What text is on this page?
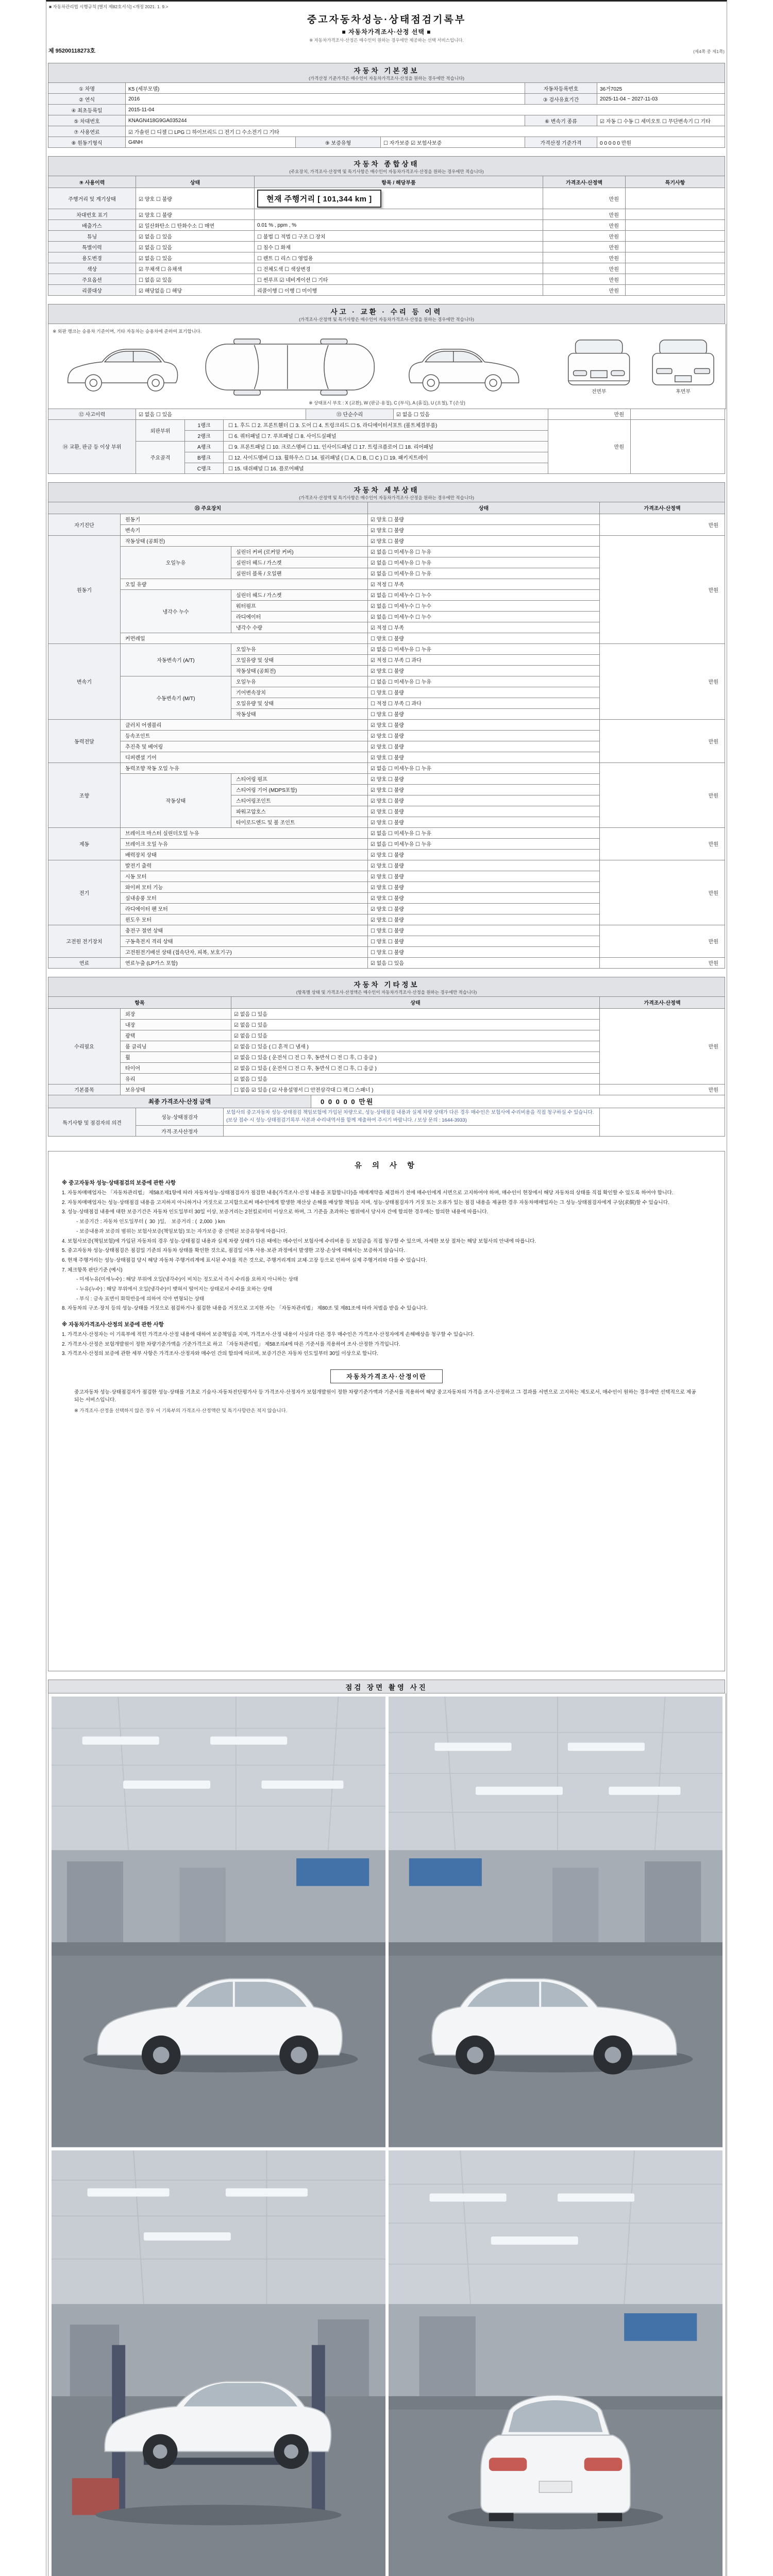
■ 자동차관리법 시행규칙 [별지 제82호서식] <개정 2021. 1. 9.>
중고자동차성능·상태점검기록부
■ 자동차가격조사·산정 선택 ■
※ 자동차가격조사·산정은 매수인이 원하는 경우에만 제공하는 선택 서비스입니다.
제 95200118273호	(제4쪽 중 제1쪽)
자동차 기본정보
(가격산정 기준가격은 매수인이 자동차가격조사·산정을 원하는 경우에만 적습니다)
① 차명	K5 (세부모델)			자동차등록번호	36거7025
② 연식	2016			③ 검사유효기간	2025-11-04 ~ 2027-11-03
④ 최초등록일	2015-11-04				
⑤ 차대번호	KNAGN418G9GA035244			⑥ 변속기 종류	☑ 자동 ☐ 수동 ☐ 세미오토 ☐ 무단변속기 ☐ 기타
⑦ 사용연료	☑ 가솔린 ☐ 디젤 ☐ LPG ☐ 하이브리드 ☐ 전기 ☐ 수소전기 ☐ 기타				
⑧ 원동기형식	G4NH	⑨ 보증유형	☐ 자가보증 ☑ 보험사보증	가격산정 기준가격	0 0 0 0 0 만원
자동차 종합상태
(주요장치, 가격조사·산정액 및 특기사항은 매수인이 자동차가격조사·산정을 원하는 경우에만 적습니다)
⑨ 사용이력	상태	항목 / 해당부품	가격조사·산정액	특기사항
주행거리 및 계기상태	☑ 양호 ☐ 불량	현재 주행거리 [ 101,344 km ]	만원	
차대번호 표기	☑ 양호 ☐ 불량		만원	
배출가스	☑ 일산화탄소 ☐ 탄화수소 ☐ 매연	0.01 % , ppm , %	만원	
튜닝	☑ 없음 ☐ 있음	☐ 불법 ☐ 적법 ☐ 구조 ☐ 장치	만원	
특별이력	☑ 없음 ☐ 있음	☐ 침수 ☐ 화재	만원	
용도변경	☑ 없음 ☐ 있음	☐ 렌트 ☐ 리스 ☐ 영업용	만원	
색상	☑ 무채색 ☐ 유채색	☐ 전체도색 ☐ 색상변경	만원	
주요옵션	☐ 없음 ☑ 있음	☐ 썬루프 ☑ 네비게이션 ☐ 기타	만원	
리콜대상	☑ 해당없음 ☐ 해당	리콜이행 ☐ 이행 ☐ 미이행	만원	
사고 · 교환 · 수리 등 이력
(가격조사·산정액 및 특기사항은 매수인이 자동차가격조사·산정을 원하는 경우에만 적습니다)
※ 외판 랭크는 승용차 기준이며, 기타 자동차는 승용차에 준하여 표기합니다.
전면부	후면부
※ 상태표시 부호 : X (교환), W (판금·용접), C (부식), A (흠집), U (요철), T (손상)
⑫ 사고이력	☑ 없음 ☐ 있음	⑬ 단순수리	☑ 없음 ☐ 있음	만원	
⑭ 교환, 판금 등 이상 부위	외판부위	1랭크	☐ 1. 후드 ☐ 2. 프론트휀더 ☐ 3. 도어 ☐ 4. 트렁크리드 ☐ 5. 라디에이터서포트 (볼트체결부품)	만원	
		2랭크	☐ 6. 쿼터패널 ☐ 7. 루프패널 ☐ 8. 사이드실패널		
	주요골격	A랭크	☐ 9. 프론트패널 ☐ 10. 크로스멤버 ☐ 11. 인사이드패널 ☐ 17. 트렁크플로어 ☐ 18. 리어패널		
		B랭크	☐ 12. 사이드멤버 ☐ 13. 휠하우스 ☐ 14. 필러패널 ( ☐ A, ☐ B, ☐ C ) ☐ 19. 패키지트레이		
		C랭크	☐ 15. 대쉬패널 ☐ 16. 플로어패널		
자동차 세부상태
(가격조사·산정액 및 특기사항은 매수인이 자동차가격조사·산정을 원하는 경우에만 적습니다)
⑮ 주요장치			상태	가격조사·산정액
자기진단	원동기		☑ 양호 ☐ 불량	만원
	변속기		☑ 양호 ☐ 불량	
원동기	작동상태 (공회전)		☑ 양호 ☐ 불량	만원
	오일누유	실린더 커버 (로커암 커버)	☑ 없음 ☐ 미세누유 ☐ 누유	
		실린더 헤드 / 가스켓	☑ 없음 ☐ 미세누유 ☐ 누유	
		실린더 블록 / 오일팬	☑ 없음 ☐ 미세누유 ☐ 누유	
	오일 유량		☑ 적정 ☐ 부족	
	냉각수 누수	실린더 헤드 / 가스켓	☑ 없음 ☐ 미세누수 ☐ 누수	
		워터펌프	☑ 없음 ☐ 미세누수 ☐ 누수	
		라디에이터	☑ 없음 ☐ 미세누수 ☐ 누수	
		냉각수 수량	☑ 적정 ☐ 부족	
	커먼레일		☐ 양호 ☐ 불량	
변속기	자동변속기 (A/T)	오일누유	☑ 없음 ☐ 미세누유 ☐ 누유	만원
		오일유량 및 상태	☑ 적정 ☐ 부족 ☐ 과다	
		작동상태 (공회전)	☑ 양호 ☐ 불량	
	수동변속기 (M/T)	오일누유	☐ 없음 ☐ 미세누유 ☐ 누유	
		기어변속장치	☐ 양호 ☐ 불량	
		오일유량 및 상태	☐ 적정 ☐ 부족 ☐ 과다	
		작동상태	☐ 양호 ☐ 불량	
동력전달	클러치 어셈블리		☑ 양호 ☐ 불량	만원
	등속조인트		☑ 양호 ☐ 불량	
	추진축 및 베어링		☑ 양호 ☐ 불량	
	디퍼렌셜 기어		☑ 양호 ☐ 불량	
조향	동력조향 작동 오일 누유		☑ 없음 ☐ 미세누유 ☐ 누유	만원
	작동상태	스티어링 펌프	☑ 양호 ☐ 불량	
		스티어링 기어 (MDPS포함)	☑ 양호 ☐ 불량	
		스티어링조인트	☑ 양호 ☐ 불량	
		파워고압호스	☑ 양호 ☐ 불량	
		타이로드엔드 및 볼 조인트	☑ 양호 ☐ 불량	
제동	브레이크 마스터 실린더오일 누유		☑ 없음 ☐ 미세누유 ☐ 누유	만원
	브레이크 오일 누유		☑ 없음 ☐ 미세누유 ☐ 누유	
	배력장치 상태		☑ 양호 ☐ 불량	
전기	발전기 출력		☑ 양호 ☐ 불량	만원
	시동 모터		☑ 양호 ☐ 불량	
	와이퍼 모터 기능		☑ 양호 ☐ 불량	
	실내송풍 모터		☑ 양호 ☐ 불량	
	라디에이터 팬 모터		☑ 양호 ☐ 불량	
	윈도우 모터		☑ 양호 ☐ 불량	
고전원 전기장치	충전구 절연 상태		☐ 양호 ☐ 불량	만원
	구동축전지 격리 상태		☐ 양호 ☐ 불량	
	고전원전기배선 상태 (접속단자, 피복, 보호기구)		☐ 양호 ☐ 불량	
연료	연료누출 (LP가스 포함)		☑ 없음 ☐ 있음	만원
자동차 기타정보
(항목별 상태 및 가격조사·산정액은 매수인이 자동차가격조사·산정을 원하는 경우에만 적습니다)
항목		상태	가격조사·산정액
수리필요	외장	☑ 없음 ☐ 있음	만원
	내장	☑ 없음 ☐ 있음	
	광택	☑ 없음 ☐ 있음	
	룸 클리닝	☑ 없음 ☐ 있음 ( ☐ 흔적 ☐ 냄새 )	
	휠	☑ 없음 ☐ 있음 ( 운전석 ☐ 전 ☐ 후, 동반석 ☐ 전 ☐ 후, ☐ 응급 )	
	타이어	☑ 없음 ☐ 있음 ( 운전석 ☐ 전 ☐ 후, 동반석 ☐ 전 ☐ 후, ☐ 응급 )	
	유리	☑ 없음 ☐ 있음	
기본품목	보유상태	☐ 없음 ☑ 있음 ( ☑ 사용설명서 ☐ 안전삼각대 ☐ 잭 ☐ 스패너 )	만원
최종 가격조사·산정 금액	0 0 0 0 0 만원
특기사항 및 점검자의 의견	성능·상태점검자	보험사의 중고자동차 성능·상태점검 책임보험에 가입된 차량으로, 성능·상태점검 내용과 실제 차량 상태가 다른 경우 매수인은 보험사에 수리비용을 직접 청구하실 수 있습니다. (보상 접수 시 성능·상태점검기록부 사본과 수리내역서를 함께 제출하여 주시기 바랍니다. / 보상 문의 : 1644-3933)	
	가격·조사산정자		
유 의 사 항
※ 중고자동차 성능·상태점검의 보증에 관한 사항
1. 자동차매매업자는 「자동차관리법」 제58조제1항에 따라 자동차성능·상태점검자가 점검한 내용(가격조사·산정 내용을 포함합니다)을 매매계약을 체결하기 전에 매수인에게 서면으로 고지하여야 하며, 매수인이 현장에서 해당 자동차의 상태를 직접 확인할 수 있도록 하여야 합니다.
2. 자동차매매업자는 성능·상태점검 내용을 고지하지 아니하거나 거짓으로 고지함으로써 매수인에게 발생한 재산상 손해를 배상할 책임을 지며, 성능·상태점검자가 거짓 또는 오류가 있는 점검 내용을 제공한 경우 자동차매매업자는 그 성능·상태점검자에게 구상(求償)할 수 있습니다.
3. 성능·상태점검 내용에 대한 보증기간은 자동차 인도일부터 30일 이상, 보증거리는 2천킬로미터 이상으로 하며, 그 기준을 초과하는 범위에서 당사자 간에 합의한 경우에는 합의한 내용에 따릅니다.
- 보증기간 : 자동차 인도일부터 (  30  )일,    보증거리 : (  2,000  ) km
- 보증내용과 보증의 범위는 보험사보증(책임보험) 또는 자가보증 중 선택된 보증유형에 따릅니다.
4. 보험사보증(책임보험)에 가입된 자동차의 경우 성능·상태점검 내용과 실제 차량 상태가 다른 때에는 매수인이 보험사에 수리비용 등 보험금을 직접 청구할 수 있으며, 자세한 보상 절차는 해당 보험사의 안내에 따릅니다.
5. 중고자동차 성능·상태점검은 점검일 기준의 자동차 상태를 확인한 것으로, 점검일 이후 사용·보관 과정에서 발생한 고장·손상에 대해서는 보증하지 않습니다.
6. 현재 주행거리는 성능·상태점검 당시 해당 자동차 주행거리계에 표시된 수치를 적은 것으로, 주행거리계의 교체·고장 등으로 인하여 실제 주행거리와 다를 수 있습니다.
7. 체크항목 판단기준 (예시)
- 미세누유(미세누수) : 해당 부위에 오일(냉각수)이 비치는 정도로서 즉시 수리를 요하지 아니하는 상태
- 누유(누수) : 해당 부위에서 오일(냉각수)이 맺혀서 떨어지는 상태로서 수리를 요하는 상태
- 부식 : 금속 표면이 화학반응에 의하여 삭아 변형되는 상태
8. 자동차의 구조·장치 등의 성능·상태를 거짓으로 점검하거나 점검한 내용을 거짓으로 고지한 자는 「자동차관리법」 제80조 및 제81조에 따라 처벌을 받을 수 있습니다.
※ 자동차가격조사·산정의 보증에 관한 사항
1. 가격조사·산정자는 이 기록부에 적힌 가격조사·산정 내용에 대하여 보증책임을 지며, 가격조사·산정 내용이 사실과 다른 경우 매수인은 가격조사·산정자에게 손해배상을 청구할 수 있습니다.
2. 가격조사·산정은 보험개발원이 정한 차량기준가액을 기준가격으로 하고 「자동차관리법」 제58조의4에 따른 기준서를 적용하여 조사·산정한 가격입니다.
3. 가격조사·산정의 보증에 관한 세부 사항은 가격조사·산정자와 매수인 간의 합의에 따르며, 보증기간은 자동차 인도일부터 30일 이상으로 합니다.
자동차가격조사·산정이란
중고자동차 성능·상태점검자가 점검한 성능·상태를 기초로 기술사·자동차진단평가사 등 가격조사·산정자가 보험개발원이 정한 차량기준가액과 기준서를 적용하여 해당 중고자동차의 가격을 조사·산정하고 그 결과를 서면으로 고지하는 제도로서, 매수인이 원하는 경우에만 선택적으로 제공되는 서비스입니다.
※ 가격조사·산정을 선택하지 않은 경우 이 기록부의 가격조사·산정액란 및 특기사항란은 적지 않습니다.
점검 장면 촬영 사진
